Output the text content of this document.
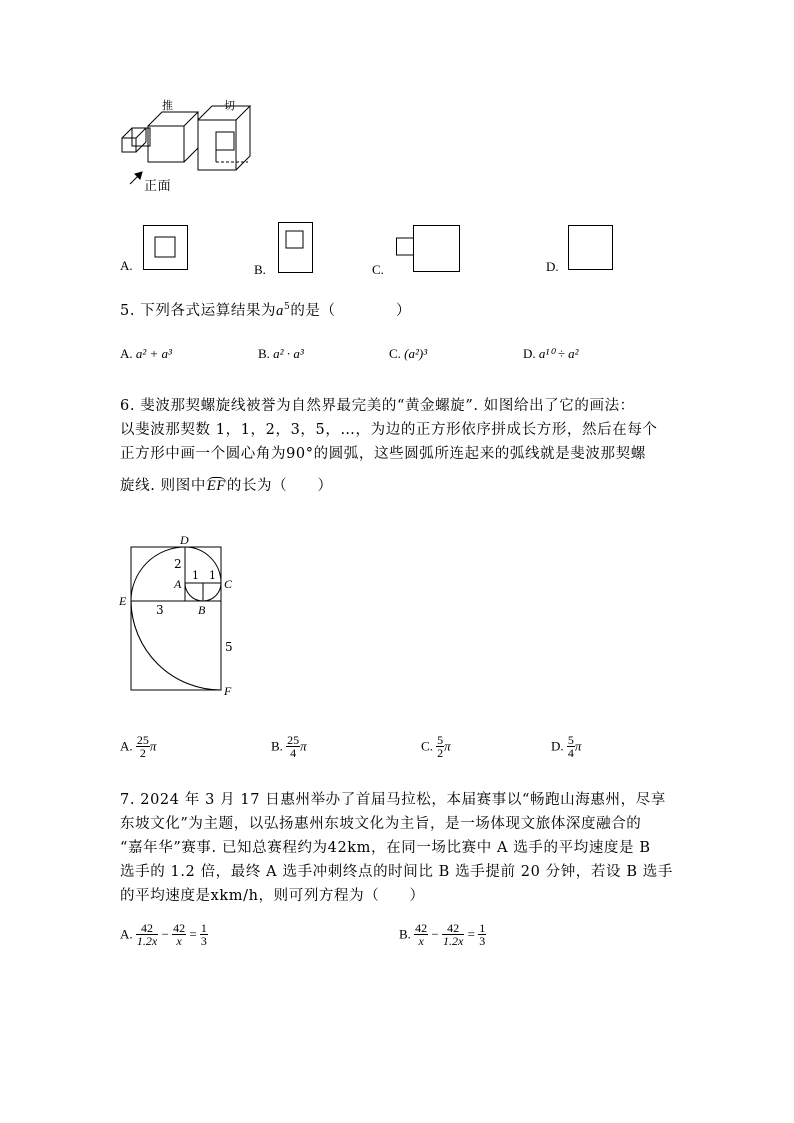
推	切
正面
A.	B.	C.	D.
5. 下列各式运算结果为$a^5$的是（　　　　）
A. a² + a³	B. a² · a³	C. (a²)³	D. a¹⁰ ÷ a²
6. 斐波那契螺旋线被誉为自然界最完美的“黄金螺旋”. 如图给出了它的画法：
以斐波那契数 1，1，2，3，5，…，为边的正方形依序拼成长方形，然后在每个
正方形中画一个圆心角为90°的圆弧，这些圆弧所连起来的弧线就是斐波那契螺
旋线. 则图中EF的长为（　　）
D
2
1 1
A	C
E
3	B
5
F
A. $\frac{25}{2}$ π	B. $\frac{25}{4}$ π	C. $\frac{5}{2}$ π	D. $\frac{5}{4}$ π
7. 2024 年 3 月 17 日惠州举办了首届马拉松，本届赛事以“畅跑山海惠州，尽享
东坡文化”为主题，以弘扬惠州东坡文化为主旨，是一场体现文旅体深度融合的
“嘉年华”赛事. 已知总赛程约为42km，在同一场比赛中 A 选手的平均速度是 B
选手的 1.2 倍，最终 A 选手冲刺终点的时间比 B 选手提前 20 分钟，若设 B 选手
的平均速度是xkm/h，则可列方程为（　　）
A. $\frac{42}{1.2x} - \frac{42}{x} = \frac{1}{3}$	B. $\frac{42}{x} - \frac{42}{1.2x} = \frac{1}{3}$
